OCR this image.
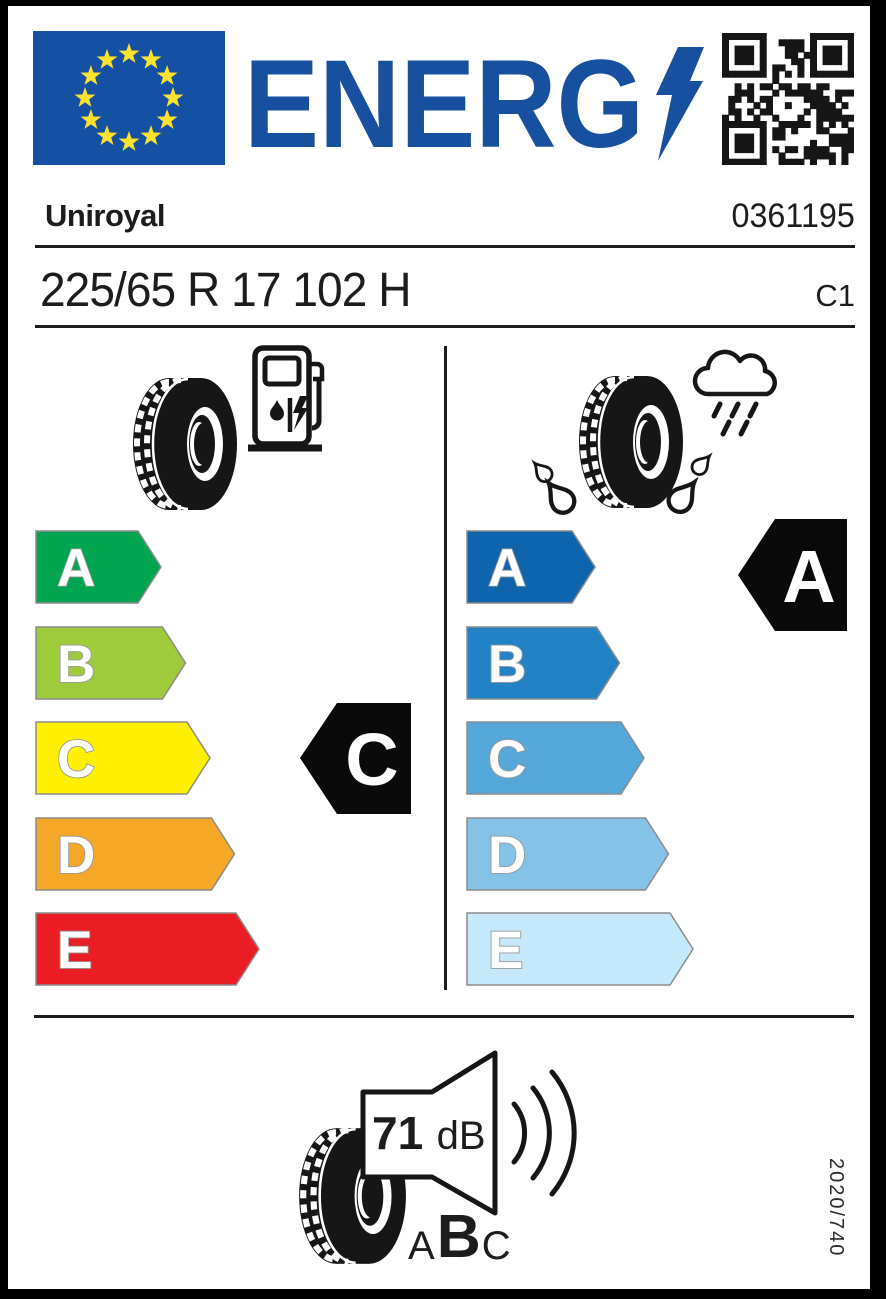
ENERG
Uniroyal	0361195
225/65 R 17 102 H	C1
A
B
C
D
E
A
B
C
D
E
C
A
71 dB
A B C	2020/740
